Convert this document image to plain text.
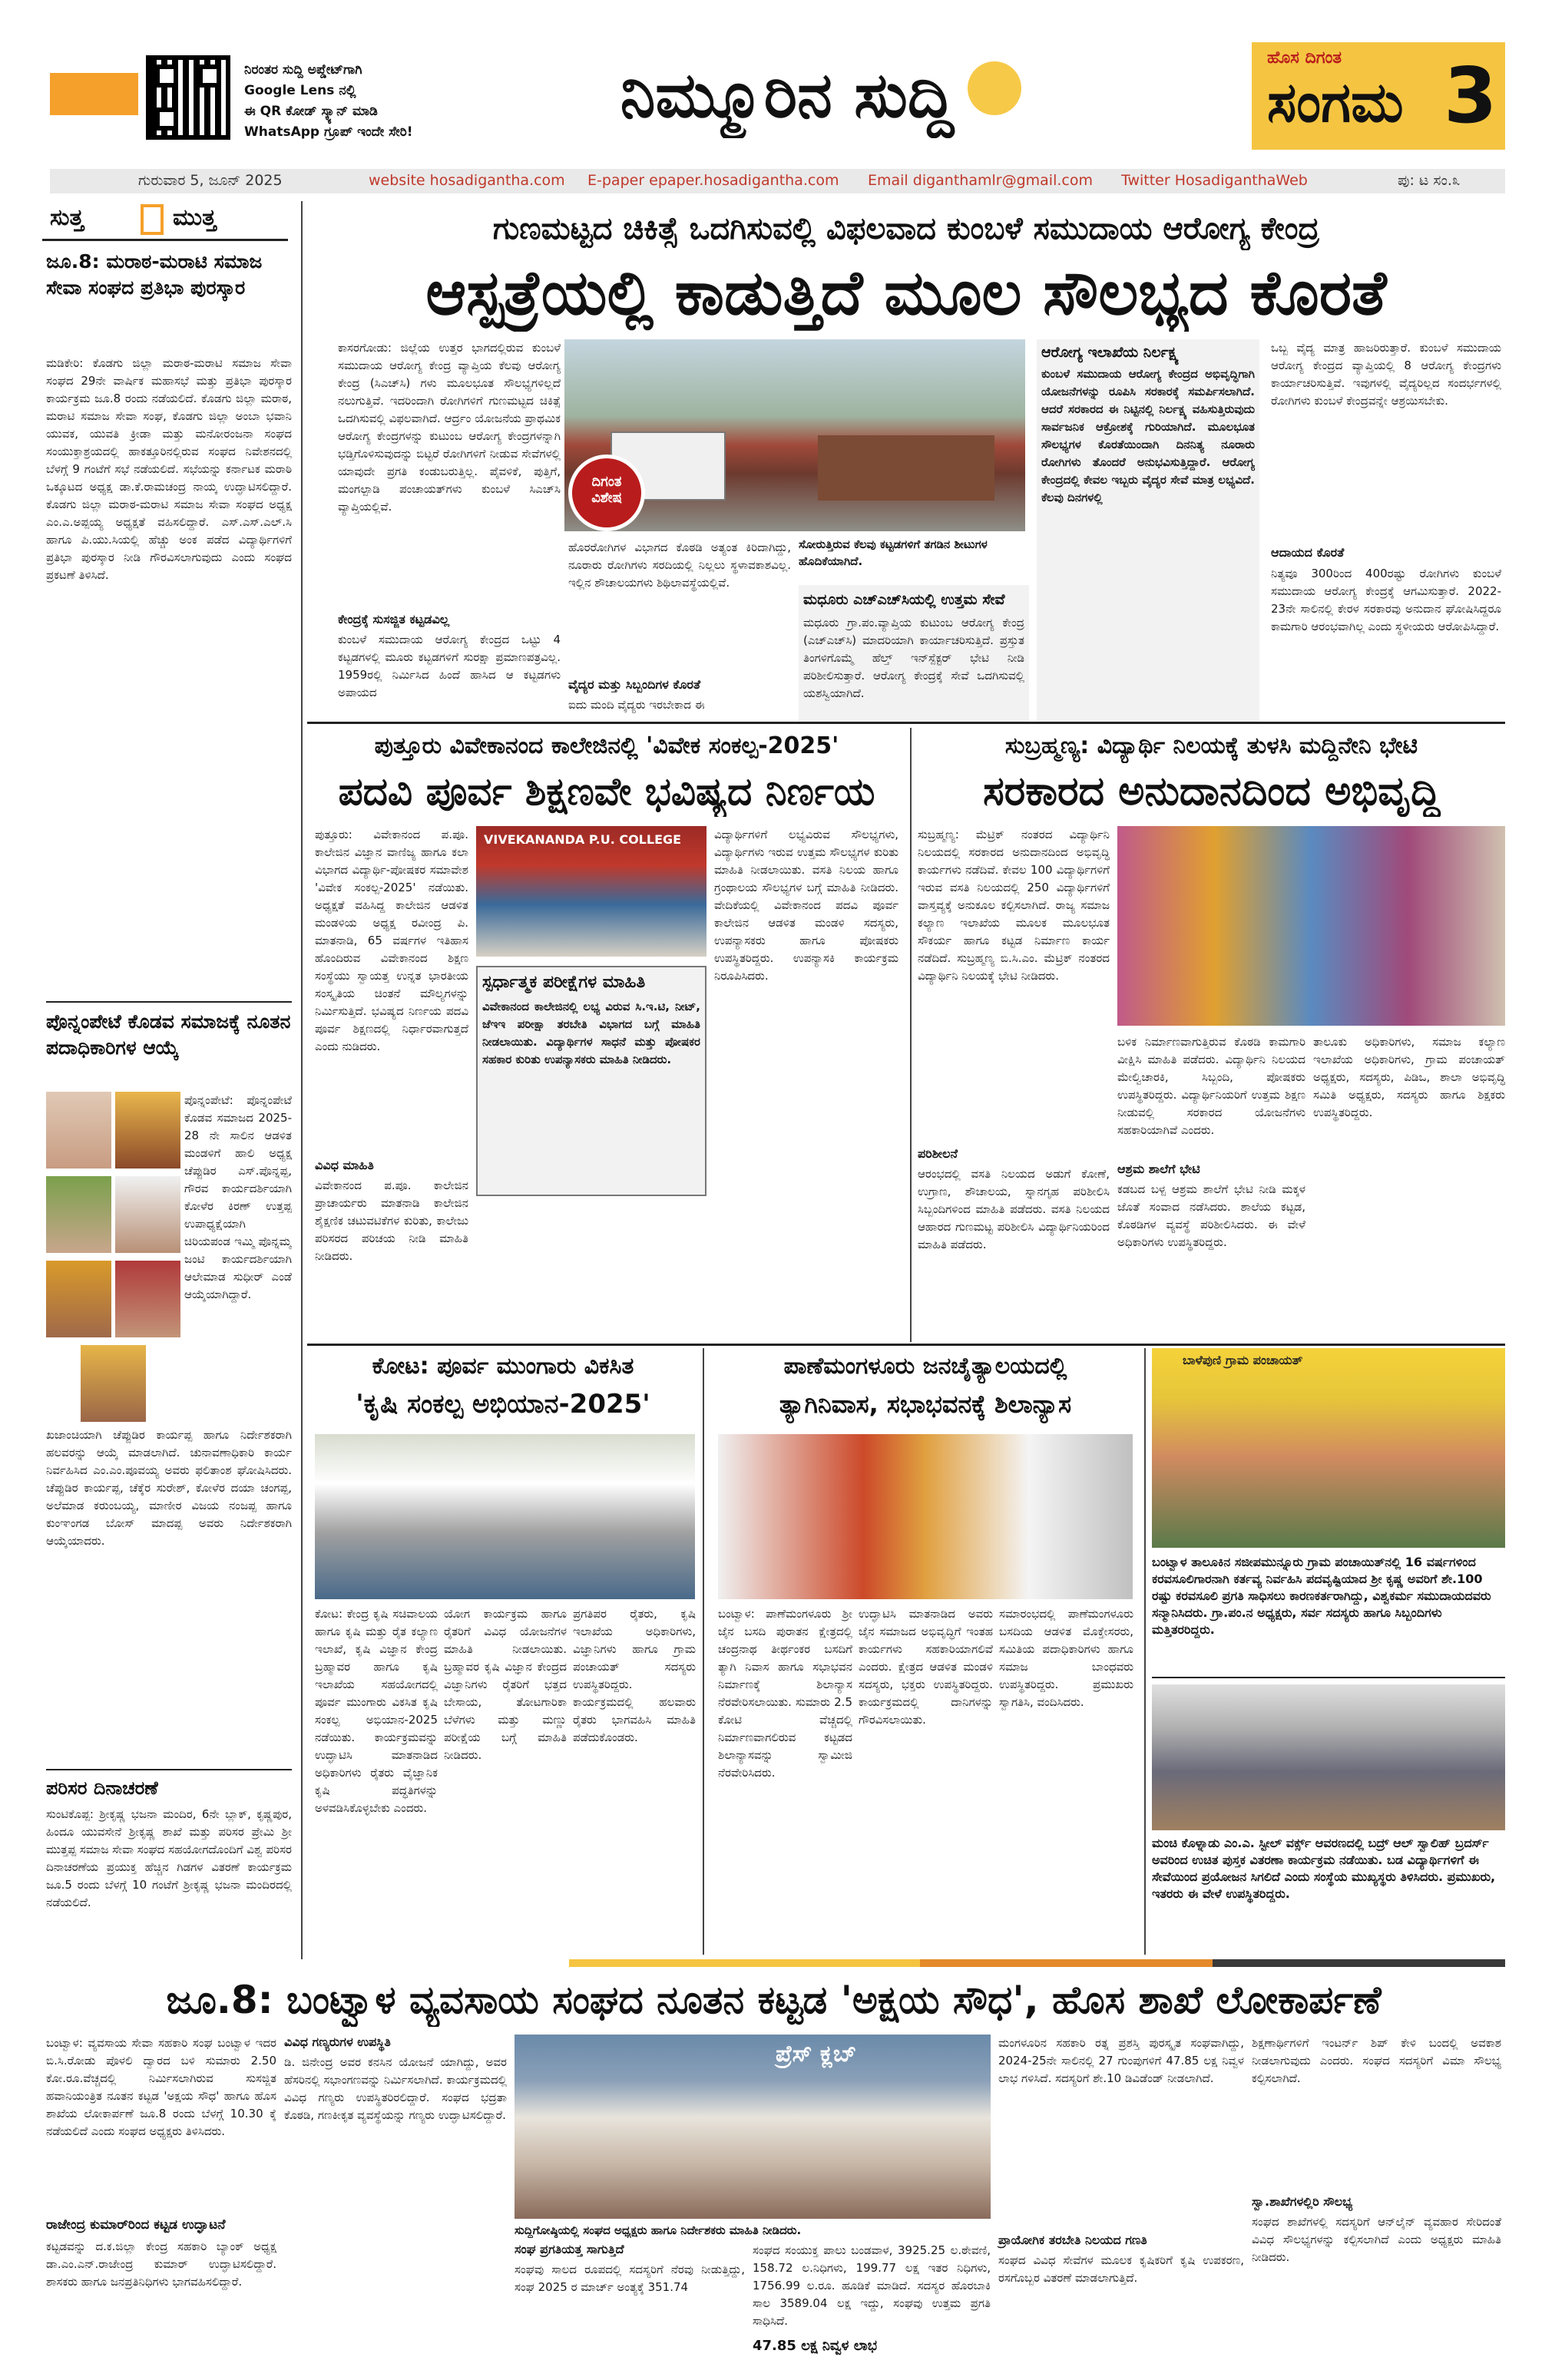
ನಿರಂತರ ಸುದ್ದಿ ಅಪ್ಡೇಟ್‌ಗಾಗಿ
Google Lens ನಲ್ಲಿ
ಈ QR ಕೋಡ್ ಸ್ಕ್ಯಾನ್ ಮಾಡಿ
WhatsApp ಗ್ರೂಪ್ ಇಂದೇ ಸೇರಿ!	ನಿಮ್ಮೂರಿನ ಸುದ್ದಿ
ಹೊಸ ದಿಗಂತ
ಸಂಗಮ 3
ಗುರುವಾರ 5, ಜೂನ್ 2025	website hosadigantha.com E-paper epaper.hosadigantha.com Email diganthamlr@gmail.com Twitter HosadiganthaWeb	ಪು: ಟ ಸಂ.೩
ಸುತ್ತ	ಮುತ್ತ
ಜೂ.8: ಮರಾಠ-ಮರಾಟಿ ಸಮಾಜ ಸೇವಾ ಸಂಘದ ಪ್ರತಿಭಾ ಪುರಸ್ಕಾರ
ಮಡಿಕೇರಿ: ಕೊಡಗು ಜಿಲ್ಲಾ ಮರಾಠ-ಮರಾಟಿ ಸಮಾಜ ಸೇವಾ ಸಂಘದ 29ನೇ ವಾರ್ಷಿಕ ಮಹಾಸಭೆ ಮತ್ತು ಪ್ರತಿಭಾ ಪುರಸ್ಕಾರ ಕಾರ್ಯಕ್ರಮ ಜೂ.8 ರಂದು ನಡೆಯಲಿದೆ. ಕೊಡಗು ಜಿಲ್ಲಾ ಮರಾಠ, ಮರಾಟಿ ಸಮಾಜ ಸೇವಾ ಸಂಘ, ಕೊಡಗು ಜಿಲ್ಲಾ ಅಂಬಾ ಭವಾನಿ ಯುವಕ, ಯುವತಿ ಕ್ರೀಡಾ ಮತ್ತು ಮನೋರಂಜನಾ ಸಂಘದ ಸಂಯುಕ್ತಾಶ್ರಯದಲ್ಲಿ ಹಾಕತ್ತೂರಿನಲ್ಲಿರುವ ಸಂಘದ ನಿವೇಶನದಲ್ಲಿ ಬೆಳಗ್ಗೆ 9 ಗಂಟೆಗೆ ಸಭೆ ನಡೆಯಲಿದೆ. ಸಭೆಯನ್ನು ಕರ್ನಾಟಕ ಮರಾಠಿ ಒಕ್ಕೂಟದ ಅಧ್ಯಕ್ಷ ಡಾ.ಕೆ.ರಾಮಚಂದ್ರ ನಾಯ್ಕ ಉದ್ಘಾಟಿಸಲಿದ್ದಾರೆ. ಕೊಡಗು ಜಿಲ್ಲಾ ಮರಾಠ-ಮರಾಟಿ ಸಮಾಜ ಸೇವಾ ಸಂಘದ ಅಧ್ಯಕ್ಷ ಎಂ.ಎ.ಅಪ್ಪಯ್ಯ ಅಧ್ಯಕ್ಷತೆ ವಹಿಸಲಿದ್ದಾರೆ. ಎಸ್.ಎಸ್.ಎಲ್.ಸಿ ಹಾಗೂ ಪಿ.ಯು.ಸಿಯಲ್ಲಿ ಹೆಚ್ಚು ಅಂಕ ಪಡೆದ ವಿದ್ಯಾರ್ಥಿಗಳಿಗೆ ಪ್ರತಿಭಾ ಪುರಸ್ಕಾರ ನೀಡಿ ಗೌರವಿಸಲಾಗುವುದು ಎಂದು ಸಂಘದ ಪ್ರಕಟಣೆ ತಿಳಿಸಿದೆ.
ಪೊನ್ನಂಪೇಟೆ ಕೊಡವ ಸಮಾಜಕ್ಕೆ ನೂತನ ಪದಾಧಿಕಾರಿಗಳ ಆಯ್ಕೆ
ಪೊನ್ನಂಪೇಟೆ: ಪೊನ್ನಂಪೇಟೆ ಕೊಡವ ಸಮಾಜದ 2025-28 ನೇ ಸಾಲಿನ ಆಡಳಿತ ಮಂಡಳಿಗೆ ಹಾಲಿ ಅಧ್ಯಕ್ಷ ಚೆಪ್ಪುಡಿರ ಎಸ್.ಪೊನ್ನಪ್ಪ, ಗೌರವ ಕಾರ್ಯದರ್ಶಿಯಾಗಿ ಕೋಳೆರ ಕಿರಣ್ ಉತ್ತಪ್ಪ ಉಪಾಧ್ಯಕ್ಷೆಯಾಗಿ ಚಿರಿಯಪಂಡ ಇಮ್ಮಿ ಪೊನ್ನಮ್ಮ ಜಂಟಿ ಕಾರ್ಯದರ್ಶಿಯಾಗಿ ಆಲೇಮಾಡ ಸುಧೀರ್ ಎಂಡೆ ಆಯ್ಕೆಯಾಗಿದ್ದಾರೆ.
ಖಜಾಂಚಿಯಾಗಿ ಚೆಪ್ಪುಡಿರ ಕಾರ್ಯಪ್ಪ ಹಾಗೂ ನಿರ್ದೇಶಕರಾಗಿ ಹಲವರನ್ನು ಆಯ್ಕೆ ಮಾಡಲಾಗಿದೆ. ಚುನಾವಣಾಧಿಕಾರಿ ಕಾರ್ಯ ನಿರ್ವಹಿಸಿದ ಎಂ.ಎಂ.ಪೂವಯ್ಯ ಅವರು ಫಲಿತಾಂಶ ಘೋಷಿಸಿದರು. ಚೆಪ್ಪುಡಿರ ಕಾರ್ಯಪ್ಪ, ಚೆಕ್ಕೆರ ಸುರೇಶ್, ಕೋಳೆರ ದಯಾ ಚಂಗಪ್ಪ, ಅಲೆಮಾಡ ಕರುಂಬಯ್ಯ, ಮಾಣೀರ ವಿಜಯ ನಂಜಪ್ಪ ಹಾಗೂ ಕುಂಞಂಗಡ ಬೋಸ್ ಮಾದಪ್ಪ ಅವರು ನಿರ್ದೇಶಕರಾಗಿ ಆಯ್ಕೆಯಾದರು.
ಪರಿಸರ ದಿನಾಚರಣೆ
ಸುಂಟಿಕೊಪ್ಪ: ಶ್ರೀಕೃಷ್ಣ ಭಜನಾ ಮಂದಿರ, 6ನೇ ಬ್ಲಾಕ್, ಕೃಷ್ಣಪುರ, ಹಿಂದೂ ಯುವಸೇನೆ ಶ್ರೀಕೃಷ್ಣ ಶಾಖೆ ಮತ್ತು ಪರಿಸರ ಪ್ರೇಮಿ ಶ್ರೀ ಮುತ್ತಪ್ಪ ಸಮಾಜ ಸೇವಾ ಸಂಘದ ಸಹಯೋಗದೊಂದಿಗೆ ವಿಶ್ವ ಪರಿಸರ ದಿನಾಚರಣೆಯ ಪ್ರಯುಕ್ತ ಹೆಚ್ಚಿನ ಗಿಡಗಳ ವಿತರಣೆ ಕಾರ್ಯಕ್ರಮ ಜೂ.5 ರಂದು ಬೆಳಗ್ಗೆ 10 ಗಂಟೆಗೆ ಶ್ರೀಕೃಷ್ಣ ಭಜನಾ ಮಂದಿರದಲ್ಲಿ ನಡೆಯಲಿದೆ.
ಗುಣಮಟ್ಟದ ಚಿಕಿತ್ಸೆ ಒದಗಿಸುವಲ್ಲಿ ವಿಫಲವಾದ ಕುಂಬಳೆ ಸಮುದಾಯ ಆರೋಗ್ಯ ಕೇಂದ್ರ
ಆಸ್ಪತ್ರೆಯಲ್ಲಿ ಕಾಡುತ್ತಿದೆ ಮೂಲ ಸೌಲಭ್ಯದ ಕೊರತೆ
ಕಾಸರಗೋಡು: ಜಿಲ್ಲೆಯ ಉತ್ತರ ಭಾಗದಲ್ಲಿರುವ ಕುಂಬಳೆ ಸಮುದಾಯ ಆರೋಗ್ಯ ಕೇಂದ್ರ ವ್ಯಾಪ್ತಿಯ ಕೆಲವು ಆರೋಗ್ಯ ಕೇಂದ್ರ (ಸಿಎಚ್‌ಸಿ) ಗಳು ಮೂಲಭೂತ ಸೌಲಭ್ಯಗಳಿಲ್ಲದೆ ನಲುಗುತ್ತಿವೆ. ಇದರಿಂದಾಗಿ ರೋಗಿಗಳಿಗೆ ಗುಣಮಟ್ಟದ ಚಿಕಿತ್ಸೆ ಒದಗಿಸುವಲ್ಲಿ ವಿಫಲವಾಗಿದೆ. ಆರ್ದ್ರಂ ಯೋಜನೆಯ ಪ್ರಾಥಮಿಕ ಆರೋಗ್ಯ ಕೇಂದ್ರಗಳನ್ನು ಕುಟುಂಬ ಆರೋಗ್ಯ ಕೇಂದ್ರಗಳನ್ನಾಗಿ ಭಡ್ತಿಗೊಳಿಸುವುದನ್ನು ಬಿಟ್ಟರೆ ರೋಗಿಗಳಿಗೆ ನೀಡುವ ಸೇವೆಗಳಲ್ಲಿ ಯಾವುದೇ ಪ್ರಗತಿ ಕಂಡುಬರುತ್ತಿಲ್ಲ. ಪೈವಳಿಕೆ, ಪುತ್ತಿಗೆ, ಮಂಗಲ್ಪಾಡಿ ಪಂಚಾಯತ್‌ಗಳು ಕುಂಬಳೆ ಸಿಎಚ್‌ಸಿ ವ್ಯಾಪ್ತಿಯಲ್ಲಿವೆ.
ಕೇಂದ್ರಕ್ಕೆ ಸುಸಜ್ಜಿತ ಕಟ್ಟಡವಿಲ್ಲ
ಕುಂಬಳೆ ಸಮುದಾಯ ಆರೋಗ್ಯ ಕೇಂದ್ರದ ಒಟ್ಟು 4 ಕಟ್ಟಡಗಳಲ್ಲಿ ಮೂರು ಕಟ್ಟಡಗಳಿಗೆ ಸುರಕ್ಷಾ ಪ್ರಮಾಣಪತ್ರವಿಲ್ಲ. 1959ರಲ್ಲಿ ನಿರ್ಮಿಸಿದ ಹಿಂದೆ ಹಾಸಿದ ಆ ಕಟ್ಟಡಗಳು ಅಪಾಯದ
ದಿಗಂತ
ವಿಶೇಷ
ಸೋರುತ್ತಿರುವ ಕೆಲವು ಕಟ್ಟಡಗಳಿಗೆ ತಗಡಿನ ಶೀಟುಗಳ ಹೊದಿಕೆಯಾಗಿದೆ.
ಹೊರರೋಗಿಗಳ ವಿಭಾಗದ ಕೊಠಡಿ ಅತ್ಯಂತ ಕಿರಿದಾಗಿದ್ದು, ನೂರಾರು ರೋಗಿಗಳು ಸರದಿಯಲ್ಲಿ ನಿಲ್ಲಲು ಸ್ಥಳಾವಕಾಶವಿಲ್ಲ. ಇಲ್ಲಿನ ಶೌಚಾಲಯಗಳು ಶಿಥಿಲಾವಸ್ಥೆಯಲ್ಲಿವೆ.
ವೈದ್ಯರ ಮತ್ತು ಸಿಬ್ಬಂದಿಗಳ ಕೊರತೆ
ಐದು ಮಂದಿ ವೈದ್ಯರು ಇರಬೇಕಾದ ಈ
ಮಧೂರು ಎಚ್‌ಎಚ್‌ಸಿಯಲ್ಲಿ ಉತ್ತಮ ಸೇವೆ
ಮಧೂರು ಗ್ರಾ.ಪಂ.ವ್ಯಾಪ್ತಿಯ ಕುಟುಂಬ ಆರೋಗ್ಯ ಕೇಂದ್ರ (ಎಚ್‌ಎಚ್‌ಸಿ) ಮಾದರಿಯಾಗಿ ಕಾರ್ಯಾಚರಿಸುತ್ತಿದೆ. ಪ್ರಸ್ತುತ ತಿಂಗಳಿಗೊಮ್ಮೆ ಹೆಲ್ತ್ ಇನ್‌ಸ್ಪೆಕ್ಟರ್ ಭೇಟಿ ನೀಡಿ ಪರಿಶೀಲಿಸುತ್ತಾರೆ. ಆರೋಗ್ಯ ಕೇಂದ್ರಕ್ಕೆ ಸೇವೆ ಒದಗಿಸುವಲ್ಲಿ ಯಶಸ್ವಿಯಾಗಿದೆ.
ಆರೋಗ್ಯ ಇಲಾಖೆಯ ನಿರ್ಲಕ್ಷ್ಯ
ಕುಂಬಳೆ ಸಮುದಾಯ ಆರೋಗ್ಯ ಕೇಂದ್ರದ ಅಭಿವೃದ್ಧಿಗಾಗಿ ಯೋಜನೆಗಳನ್ನು ರೂಪಿಸಿ ಸರಕಾರಕ್ಕೆ ಸಮರ್ಪಿಸಲಾಗಿದೆ. ಆದರೆ ಸರಕಾರದ ಈ ನಿಟ್ಟಿನಲ್ಲಿ ನಿರ್ಲಕ್ಷ್ಯ ವಹಿಸುತ್ತಿರುವುದು ಸಾರ್ವಜನಿಕ ಆಕ್ರೋಶಕ್ಕೆ ಗುರಿಯಾಗಿದೆ. ಮೂಲಭೂತ ಸೌಲಭ್ಯಗಳ ಕೊರತೆಯಿಂದಾಗಿ ದಿನನಿತ್ಯ ನೂರಾರು ರೋಗಿಗಳು ತೊಂದರೆ ಅನುಭವಿಸುತ್ತಿದ್ದಾರೆ. ಆರೋಗ್ಯ ಕೇಂದ್ರದಲ್ಲಿ ಕೇವಲ ಇಬ್ಬರು ವೈದ್ಯರ ಸೇವೆ ಮಾತ್ರ ಲಭ್ಯವಿದೆ. ಕೆಲವು ದಿನಗಳಲ್ಲಿ
ಒಬ್ಬ ವೈದ್ಯ ಮಾತ್ರ ಹಾಜರಿರುತ್ತಾರೆ. ಕುಂಬಳೆ ಸಮುದಾಯ ಆರೋಗ್ಯ ಕೇಂದ್ರದ ವ್ಯಾಪ್ತಿಯಲ್ಲಿ 8 ಆರೋಗ್ಯ ಕೇಂದ್ರಗಳು ಕಾರ್ಯಾಚರಿಸುತ್ತಿವೆ. ಇವುಗಳಲ್ಲಿ ವೈದ್ಯರಿಲ್ಲದ ಸಂದರ್ಭಗಳಲ್ಲಿ ರೋಗಿಗಳು ಕುಂಬಳೆ ಕೇಂದ್ರವನ್ನೇ ಆಶ್ರಯಿಸಬೇಕು.
ಆದಾಯದ ಕೊರತೆ
ನಿತ್ಯವೂ 300ರಿಂದ 400ರಷ್ಟು ರೋಗಿಗಳು ಕುಂಬಳೆ ಸಮುದಾಯ ಆರೋಗ್ಯ ಕೇಂದ್ರಕ್ಕೆ ಆಗಮಿಸುತ್ತಾರೆ. 2022-23ನೇ ಸಾಲಿನಲ್ಲಿ ಕೇರಳ ಸರಕಾರವು ಅನುದಾನ ಘೋಷಿಸಿದ್ದರೂ ಕಾಮಗಾರಿ ಆರಂಭವಾಗಿಲ್ಲ ಎಂದು ಸ್ಥಳೀಯರು ಆರೋಪಿಸಿದ್ದಾರೆ.
ಪುತ್ತೂರು ವಿವೇಕಾನಂದ ಕಾಲೇಜಿನಲ್ಲಿ 'ವಿವೇಕ ಸಂಕಲ್ಪ-2025'
ಪದವಿ ಪೂರ್ವ ಶಿಕ್ಷಣವೇ ಭವಿಷ್ಯದ ನಿರ್ಣಯ
ಪುತ್ತೂರು: ವಿವೇಕಾನಂದ ಪ.ಪೂ. ಕಾಲೇಜಿನ ವಿಜ್ಞಾನ ವಾಣಿಜ್ಯ ಹಾಗೂ ಕಲಾ ವಿಭಾಗದ ವಿದ್ಯಾರ್ಥಿ-ಪೋಷಕರ ಸಮಾವೇಶ 'ವಿವೇಕ ಸಂಕಲ್ಪ-2025' ನಡೆಯಿತು. ಅಧ್ಯಕ್ಷತೆ ವಹಿಸಿದ್ದ ಕಾಲೇಜಿನ ಆಡಳಿತ ಮಂಡಳಿಯ ಅಧ್ಯಕ್ಷ ರವೀಂದ್ರ ಪಿ. ಮಾತನಾಡಿ, 65 ವರ್ಷಗಳ ಇತಿಹಾಸ ಹೊಂದಿರುವ ವಿವೇಕಾನಂದ ಶಿಕ್ಷಣ ಸಂಸ್ಥೆಯು ಸ್ವಾಯತ್ತ ಉನ್ನತ ಭಾರತೀಯ ಸಂಸ್ಕೃತಿಯ ಚಿಂತನೆ ಮೌಲ್ಯಗಳನ್ನು ನಿರ್ಮಿಸುತ್ತಿದೆ. ಭವಿಷ್ಯದ ನಿರ್ಣಯ ಪದವಿ ಪೂರ್ವ ಶಿಕ್ಷಣದಲ್ಲಿ ನಿರ್ಧಾರವಾಗುತ್ತದೆ ಎಂದು ನುಡಿದರು.
ವಿವಿಧ ಮಾಹಿತಿ
ವಿವೇಕಾನಂದ ಪ.ಪೂ. ಕಾಲೇಜಿನ ಪ್ರಾಚಾರ್ಯರು ಮಾತನಾಡಿ ಕಾಲೇಜಿನ ಶೈಕ್ಷಣಿಕ ಚಟುವಟಿಕೆಗಳ ಕುರಿತು, ಕಾಲೇಜು ಪರಿಸರದ ಪರಿಚಯ ನೀಡಿ ಮಾಹಿತಿ ನೀಡಿದರು.
VIVEKANANDA P.U. COLLEGE
ಸ್ಪರ್ಧಾತ್ಮಕ ಪರೀಕ್ಷೆಗಳ ಮಾಹಿತಿ
ವಿವೇಕಾನಂದ ಕಾಲೇಜಿನಲ್ಲಿ ಲಭ್ಯ ವಿರುವ ಸಿ.ಇ.ಟಿ, ನೀಟ್, ಜೆಇಇ ಪರೀಕ್ಷಾ ತರಬೇತಿ ವಿಭಾಗದ ಬಗ್ಗೆ ಮಾಹಿತಿ ನೀಡಲಾಯಿತು. ವಿದ್ಯಾರ್ಥಿಗಳ ಸಾಧನೆ ಮತ್ತು ಪೋಷಕರ ಸಹಕಾರ ಕುರಿತು ಉಪನ್ಯಾಸಕರು ಮಾಹಿತಿ ನೀಡಿದರು.
ವಿದ್ಯಾರ್ಥಿಗಳಿಗೆ ಲಭ್ಯವಿರುವ ಸೌಲಭ್ಯಗಳು, ವಿದ್ಯಾರ್ಥಿಗಳು ಇರುವ ಉತ್ತಮ ಸೌಲಭ್ಯಗಳ ಕುರಿತು ಮಾಹಿತಿ ನೀಡಲಾಯಿತು. ವಸತಿ ನಿಲಯ ಹಾಗೂ ಗ್ರಂಥಾಲಯ ಸೌಲಭ್ಯಗಳ ಬಗ್ಗೆ ಮಾಹಿತಿ ನೀಡಿದರು. ವೇದಿಕೆಯಲ್ಲಿ ವಿವೇಕಾನಂದ ಪದವಿ ಪೂರ್ವ ಕಾಲೇಜಿನ ಆಡಳಿತ ಮಂಡಳಿ ಸದಸ್ಯರು, ಉಪನ್ಯಾಸಕರು ಹಾಗೂ ಪೋಷಕರು ಉಪಸ್ಥಿತರಿದ್ದರು. ಉಪನ್ಯಾಸಕಿ ಕಾರ್ಯಕ್ರಮ ನಿರೂಪಿಸಿದರು.
ಸುಬ್ರಹ್ಮಣ್ಯ: ವಿದ್ಯಾರ್ಥಿ ನಿಲಯಕ್ಕೆ ತುಳಸಿ ಮದ್ದಿನೇನಿ ಭೇಟಿ
ಸರಕಾರದ ಅನುದಾನದಿಂದ ಅಭಿವೃದ್ಧಿ
ಸುಬ್ರಹ್ಮಣ್ಯ: ಮೆಟ್ರಿಕ್ ನಂತರದ ವಿದ್ಯಾರ್ಥಿನಿ ನಿಲಯದಲ್ಲಿ ಸರಕಾರದ ಅನುದಾನದಿಂದ ಅಭಿವೃದ್ಧಿ ಕಾರ್ಯಗಳು ನಡೆದಿವೆ. ಕೇವಲ 100 ವಿದ್ಯಾರ್ಥಿಗಳಿಗೆ ಇರುವ ವಸತಿ ನಿಲಯದಲ್ಲಿ 250 ವಿದ್ಯಾರ್ಥಿಗಳಿಗೆ ವಾಸ್ತವ್ಯಕ್ಕೆ ಅನುಕೂಲ ಕಲ್ಪಿಸಲಾಗಿದೆ. ರಾಜ್ಯ ಸಮಾಜ ಕಲ್ಯಾಣ ಇಲಾಖೆಯ ಮೂಲಕ ಮೂಲಭೂತ ಸೌಕರ್ಯ ಹಾಗೂ ಕಟ್ಟಡ ನಿರ್ಮಾಣ ಕಾರ್ಯ ನಡೆದಿದೆ. ಸುಬ್ರಹ್ಮಣ್ಯ ಬಿ.ಸಿ.ಎಂ. ಮೆಟ್ರಿಕ್ ನಂತರದ ವಿದ್ಯಾರ್ಥಿನಿ ನಿಲಯಕ್ಕೆ ಭೇಟಿ ನೀಡಿದರು.
ಪರಿಶೀಲನೆ
ಆರಂಭದಲ್ಲಿ ವಸತಿ ನಿಲಯದ ಅಡುಗೆ ಕೋಣೆ, ಉಗ್ರಾಣ, ಶೌಚಾಲಯ, ಸ್ನಾನಗೃಹ ಪರಿಶೀಲಿಸಿ ಸಿಬ್ಬಂದಿಗಳಿಂದ ಮಾಹಿತಿ ಪಡೆದರು. ವಸತಿ ನಿಲಯದ ಆಹಾರದ ಗುಣಮಟ್ಟ ಪರಿಶೀಲಿಸಿ ವಿದ್ಯಾರ್ಥಿನಿಯರಿಂದ ಮಾಹಿತಿ ಪಡೆದರು.
ಬಳಿಕ ನಿರ್ಮಾಣವಾಗುತ್ತಿರುವ ಕೊಠಡಿ ಕಾಮಗಾರಿ ವೀಕ್ಷಿಸಿ ಮಾಹಿತಿ ಪಡೆದರು. ವಿದ್ಯಾರ್ಥಿನಿ ನಿಲಯದ ಮೇಲ್ವಿಚಾರಕಿ, ಸಿಬ್ಬಂದಿ, ಪೋಷಕರು ಉಪಸ್ಥಿತರಿದ್ದರು. ವಿದ್ಯಾರ್ಥಿನಿಯರಿಗೆ ಉತ್ತಮ ಶಿಕ್ಷಣ ನೀಡುವಲ್ಲಿ ಸರಕಾರದ ಯೋಜನೆಗಳು ಸಹಕಾರಿಯಾಗಿವೆ ಎಂದರು.
ಆಶ್ರಮ ಶಾಲೆಗೆ ಭೇಟಿ
ಕಡಬದ ಬಳ್ಪ ಆಶ್ರಮ ಶಾಲೆಗೆ ಭೇಟಿ ನೀಡಿ ಮಕ್ಕಳ ಜೊತೆ ಸಂವಾದ ನಡೆಸಿದರು. ಶಾಲೆಯ ಕಟ್ಟಡ, ಕೊಠಡಿಗಳ ವ್ಯವಸ್ಥೆ ಪರಿಶೀಲಿಸಿದರು. ಈ ವೇಳೆ ಅಧಿಕಾರಿಗಳು ಉಪಸ್ಥಿತರಿದ್ದರು.
ತಾಲೂಕು ಅಧಿಕಾರಿಗಳು, ಸಮಾಜ ಕಲ್ಯಾಣ ಇಲಾಖೆಯ ಅಧಿಕಾರಿಗಳು, ಗ್ರಾಮ ಪಂಚಾಯತ್ ಅಧ್ಯಕ್ಷರು, ಸದಸ್ಯರು, ಪಿಡಿಒ, ಶಾಲಾ ಅಭಿವೃದ್ಧಿ ಸಮಿತಿ ಅಧ್ಯಕ್ಷರು, ಸದಸ್ಯರು ಹಾಗೂ ಶಿಕ್ಷಕರು ಉಪಸ್ಥಿತರಿದ್ದರು.
ಕೋಟ: ಪೂರ್ವ ಮುಂಗಾರು ವಿಕಸಿತ
'ಕೃಷಿ ಸಂಕಲ್ಪ ಅಭಿಯಾನ-2025'
ಕೋಟ: ಕೇಂದ್ರ ಕೃಷಿ ಸಚಿವಾಲಯ ಹಾಗೂ ಕೃಷಿ ಮತ್ತು ರೈತ ಕಲ್ಯಾಣ ಇಲಾಖೆ, ಕೃಷಿ ವಿಜ್ಞಾನ ಕೇಂದ್ರ ಬ್ರಹ್ಮಾವರ ಹಾಗೂ ಕೃಷಿ ಇಲಾಖೆಯ ಸಹಯೋಗದಲ್ಲಿ ಪೂರ್ವ ಮುಂಗಾರು ವಿಕಸಿತ ಕೃಷಿ ಸಂಕಲ್ಪ ಅಭಿಯಾನ-2025 ನಡೆಯಿತು. ಕಾರ್ಯಕ್ರಮವನ್ನು ಉದ್ಘಾಟಿಸಿ ಮಾತನಾಡಿದ ಅಧಿಕಾರಿಗಳು ರೈತರು ವೈಜ್ಞಾನಿಕ ಕೃಷಿ ಪದ್ಧತಿಗಳನ್ನು ಅಳವಡಿಸಿಕೊಳ್ಳಬೇಕು ಎಂದರು.
ಯೋಗ ಕಾರ್ಯಕ್ರಮ ಹಾಗೂ ರೈತರಿಗೆ ವಿವಿಧ ಯೋಜನೆಗಳ ಮಾಹಿತಿ ನೀಡಲಾಯಿತು. ಬ್ರಹ್ಮಾವರ ಕೃಷಿ ವಿಜ್ಞಾನ ಕೇಂದ್ರದ ವಿಜ್ಞಾನಿಗಳು ರೈತರಿಗೆ ಭತ್ತದ ಬೇಸಾಯ, ತೋಟಗಾರಿಕಾ ಬೆಳೆಗಳು ಮತ್ತು ಮಣ್ಣು ಪರೀಕ್ಷೆಯ ಬಗ್ಗೆ ಮಾಹಿತಿ ನೀಡಿದರು.
ಪ್ರಗತಿಪರ ರೈತರು, ಕೃಷಿ ಇಲಾಖೆಯ ಅಧಿಕಾರಿಗಳು, ವಿಜ್ಞಾನಿಗಳು ಹಾಗೂ ಗ್ರಾಮ ಪಂಚಾಯತ್ ಸದಸ್ಯರು ಉಪಸ್ಥಿತರಿದ್ದರು. ಕಾರ್ಯಕ್ರಮದಲ್ಲಿ ಹಲವಾರು ರೈತರು ಭಾಗವಹಿಸಿ ಮಾಹಿತಿ ಪಡೆದುಕೊಂಡರು.
ಪಾಣೆಮಂಗಳೂರು ಜನಚೈತ್ಯಾಲಯದಲ್ಲಿ
ತ್ಯಾಗಿನಿವಾಸ, ಸಭಾಭವನಕ್ಕೆ ಶಿಲಾನ್ಯಾಸ
ಬಂಟ್ವಾಳ: ಪಾಣೆಮಂಗಳೂರು ಶ್ರೀ ಜೈನ ಬಸದಿ ಪುರಾತನ ಕ್ಷೇತ್ರದಲ್ಲಿ ಚಂದ್ರನಾಥ ತೀರ್ಥಂಕರ ಬಸದಿಗೆ ತ್ಯಾಗಿ ನಿವಾಸ ಹಾಗೂ ಸಭಾಭವನ ನಿರ್ಮಾಣಕ್ಕೆ ಶಿಲಾನ್ಯಾಸ ನೆರವೇರಿಸಲಾಯಿತು. ಸುಮಾರು 2.5 ಕೋಟಿ ವೆಚ್ಚದಲ್ಲಿ ನಿರ್ಮಾಣವಾಗಲಿರುವ ಕಟ್ಟಡದ ಶಿಲಾನ್ಯಾಸವನ್ನು ಸ್ವಾಮೀಜಿ ನೆರವೇರಿಸಿದರು.
ಉದ್ಘಾಟಿಸಿ ಮಾತನಾಡಿದ ಅವರು ಜೈನ ಸಮಾಜದ ಅಭಿವೃದ್ಧಿಗೆ ಇಂತಹ ಕಾರ್ಯಗಳು ಸಹಕಾರಿಯಾಗಲಿವೆ ಎಂದರು. ಕ್ಷೇತ್ರದ ಆಡಳಿತ ಮಂಡಳಿ ಸದಸ್ಯರು, ಭಕ್ತರು ಉಪಸ್ಥಿತರಿದ್ದರು. ಕಾರ್ಯಕ್ರಮದಲ್ಲಿ ದಾನಿಗಳನ್ನು ಗೌರವಿಸಲಾಯಿತು.
ಸಮಾರಂಭದಲ್ಲಿ ಪಾಣೆಮಂಗಳೂರು ಬಸದಿಯ ಆಡಳಿತ ಮೊಕ್ತೇಸರರು, ಸಮಿತಿಯ ಪದಾಧಿಕಾರಿಗಳು ಹಾಗೂ ಸಮಾಜ ಬಾಂಧವರು ಉಪಸ್ಥಿತರಿದ್ದರು. ಪ್ರಮುಖರು ಸ್ವಾಗತಿಸಿ, ವಂದಿಸಿದರು.
ಬಾಳೆಪುಣಿ ಗ್ರಾಮ ಪಂಚಾಯತ್
ಬಂಟ್ವಾಳ ತಾಲೂಕಿನ ಸಜೀಪಮುನ್ನೂರು ಗ್ರಾಮ ಪಂಚಾಯಿತ್‌ನಲ್ಲಿ 16 ವರ್ಷಗಳಿಂದ ಕರವಸೂಲಿಗಾರನಾಗಿ ಕರ್ತವ್ಯ ನಿರ್ವಹಿಸಿ ಪದವೃಷ್ಟಿಯಾದ ಶ್ರೀ ಕೃಷ್ಣ ಅವರಿಗೆ ಶೇ.100 ರಷ್ಟು ಕರವಸೂಲಿ ಪ್ರಗತಿ ಸಾಧಿಸಲು ಕಾರಣಕರ್ತರಾಗಿದ್ದು, ವಿಶ್ವಕರ್ಮ ಸಮುದಾಯದವರು ಸನ್ಮಾನಿಸಿದರು. ಗ್ರಾ.ಪಂ.ನ ಅಧ್ಯಕ್ಷರು, ಸರ್ವ ಸದಸ್ಯರು ಹಾಗೂ ಸಿಬ್ಬಂದಿಗಳು ಮತ್ತಿತರರಿದ್ದರು.
ಮಂಚಿ ಕೊಳ್ನಾಡು ಎಂ.ಎ. ಸ್ಟೀಲ್ ವರ್ಕ್ಸ್ ಆವರಣದಲ್ಲಿ ಬದ್ರ್ ಆಲ್ ಸ್ವಾಲಿಹ್ ಬ್ರದರ್ಸ್ ಅವರಿಂದ ಉಚಿತ ಪುಸ್ತಕ ವಿತರಣಾ ಕಾರ್ಯಕ್ರಮ ನಡೆಯಿತು. ಬಡ ವಿದ್ಯಾರ್ಥಿಗಳಿಗೆ ಈ ಸೇವೆಯಿಂದ ಪ್ರಯೋಜನ ಸಿಗಲಿದೆ ಎಂದು ಸಂಸ್ಥೆಯ ಮುಖ್ಯಸ್ಥರು ತಿಳಿಸಿದರು. ಪ್ರಮುಖರು, ಇತರರು ಈ ವೇಳೆ ಉಪಸ್ಥಿತರಿದ್ದರು.
ಜೂ.8: ಬಂಟ್ವಾಳ ವ್ಯವಸಾಯ ಸಂಘದ ನೂತನ ಕಟ್ಟಡ 'ಅಕ್ಷಯ ಸೌಧ', ಹೊಸ ಶಾಖೆ ಲೋಕಾರ್ಪಣೆ
ಬಂಟ್ವಾಳ: ವ್ಯವಸಾಯ ಸೇವಾ ಸಹಕಾರಿ ಸಂಘ ಬಂಟ್ವಾಳ ಇದರ ಬಿ.ಸಿ.ರೋಡು ಪೊಳಲಿ ದ್ವಾರದ ಬಳಿ ಸುಮಾರು 2.50 ಕೋ.ರೂ.ವೆಚ್ಚದಲ್ಲಿ ನಿರ್ಮಿಸಲಾಗಿರುವ ಸುಸಜ್ಜಿತ ಹವಾನಿಯಂತ್ರಿತ ನೂತನ ಕಟ್ಟಡ 'ಅಕ್ಷಯ ಸೌಧ' ಹಾಗೂ ಹೊಸ ಶಾಖೆಯ ಲೋಕಾರ್ಪಣೆ ಜೂ.8 ರಂದು ಬೆಳಗ್ಗೆ 10.30 ಕ್ಕೆ ನಡೆಯಲಿದೆ ಎಂದು ಸಂಘದ ಅಧ್ಯಕ್ಷರು ತಿಳಿಸಿದರು.
ರಾಜೇಂದ್ರ ಕುಮಾರ್‌ರಿಂದ ಕಟ್ಟಡ ಉದ್ಘಾಟನೆ
ಕಟ್ಟಡವನ್ನು ದ.ಕ.ಜಿಲ್ಲಾ ಕೇಂದ್ರ ಸಹಕಾರಿ ಬ್ಯಾಂಕ್ ಅಧ್ಯಕ್ಷ ಡಾ.ಎಂ.ಎನ್.ರಾಜೇಂದ್ರ ಕುಮಾರ್ ಉದ್ಘಾಟಿಸಲಿದ್ದಾರೆ. ಶಾಸಕರು ಹಾಗೂ ಜನಪ್ರತಿನಿಧಿಗಳು ಭಾಗವಹಿಸಲಿದ್ದಾರೆ.
ವಿವಿಧ ಗಣ್ಯರುಗಳ ಉಪಸ್ಥಿತಿ
ಡಿ. ಜಿನೇಂದ್ರ ಅವರ ಕನಸಿನ ಯೋಜನೆ ಯಾಗಿದ್ದು, ಅವರ ಹೆಸರಿನಲ್ಲಿ ಸಭಾಂಗಣವನ್ನು ನಿರ್ಮಿಸಲಾಗಿದೆ. ಕಾರ್ಯಕ್ರಮದಲ್ಲಿ ವಿವಿಧ ಗಣ್ಯರು ಉಪಸ್ಥಿತರಿರಲಿದ್ದಾರೆ. ಸಂಘದ ಭದ್ರತಾ ಕೊಠಡಿ, ಗಣಕೀಕೃತ ವ್ಯವಸ್ಥೆಯನ್ನು ಗಣ್ಯರು ಉದ್ಘಾಟಿಸಲಿದ್ದಾರೆ.
ಪ್ರೆಸ್ ಕ್ಲಬ್
ಸುದ್ದಿಗೋಷ್ಠಿಯಲ್ಲಿ ಸಂಘದ ಅಧ್ಯಕ್ಷರು ಹಾಗೂ ನಿರ್ದೇಶಕರು ಮಾಹಿತಿ ನೀಡಿದರು.
ಸಂಘ ಪ್ರಗತಿಯತ್ತ ಸಾಗುತ್ತಿದೆ
ಸಂಘವು ಸಾಲದ ರೂಪದಲ್ಲಿ ಸದಸ್ಯರಿಗೆ ನೆರವು ನೀಡುತ್ತಿದ್ದು, ಸಂಘ 2025 ರ ಮಾರ್ಚ್ ಅಂತ್ಯಕ್ಕೆ 351.74
ಸಂಘದ ಸಂಯುಕ್ತ ಪಾಲು ಬಂಡವಾಳ, 3925.25 ಲ.ಠೇವಣಿ, 158.72 ಲ.ನಿಧಿಗಳು, 199.77 ಲಕ್ಷ ಇತರ ನಿಧಿಗಳು, 1756.99 ಲ.ರೂ. ಹೂಡಿಕೆ ಮಾಡಿದೆ. ಸದಸ್ಯರ ಹೊರಬಾಕಿ ಸಾಲ 3589.04 ಲಕ್ಷ ಇದ್ದು, ಸಂಘವು ಉತ್ತಮ ಪ್ರಗತಿ ಸಾಧಿಸಿದೆ.
47.85 ಲಕ್ಷ ನಿವ್ವಳ ಲಾಭ
ಮಂಗಳೂರಿನ ಸಹಕಾರಿ ರತ್ನ ಪ್ರಶಸ್ತಿ ಪುರಸ್ಕೃತ ಸಂಘವಾಗಿದ್ದು, 2024-25ನೇ ಸಾಲಿನಲ್ಲಿ 27 ಗುಂಪುಗಳಿಗೆ 47.85 ಲಕ್ಷ ನಿವ್ವಳ ಲಾಭ ಗಳಿಸಿದೆ. ಸದಸ್ಯರಿಗೆ ಶೇ.10 ಡಿವಿಡೆಂಡ್ ನೀಡಲಾಗಿದೆ.
ಪ್ರಾಯೋಗಿಕ ತರಬೇತಿ ನಿಲಯದ ಗಣತಿ
ಸಂಘದ ವಿವಿಧ ಸೇವೆಗಳ ಮೂಲಕ ಕೃಷಿಕರಿಗೆ ಕೃಷಿ ಉಪಕರಣ, ರಸಗೊಬ್ಬರ ವಿತರಣೆ ಮಾಡಲಾಗುತ್ತಿದೆ.
ಶಿಕ್ಷಣಾರ್ಥಿಗಳಿಗೆ ಇಂಟರ್ನ್ ಶಿಪ್ ಕೇಳಿ ಬಂದಲ್ಲಿ ಅವಕಾಶ ನೀಡಲಾಗುವುದು ಎಂದರು. ಸಂಘದ ಸದಸ್ಯರಿಗೆ ವಿಮಾ ಸೌಲಭ್ಯ ಕಲ್ಪಿಸಲಾಗಿದೆ.
ಸ್ವಾ.ಶಾಖೆಗಳಲ್ಲಿರಿ ಸೌಲಭ್ಯ
ಸಂಘದ ಶಾಖೆಗಳಲ್ಲಿ ಸದಸ್ಯರಿಗೆ ಆನ್‌ಲೈನ್ ವ್ಯವಹಾರ ಸೇರಿದಂತೆ ವಿವಿಧ ಸೌಲಭ್ಯಗಳನ್ನು ಕಲ್ಪಿಸಲಾಗಿದೆ ಎಂದು ಅಧ್ಯಕ್ಷರು ಮಾಹಿತಿ ನೀಡಿದರು.
